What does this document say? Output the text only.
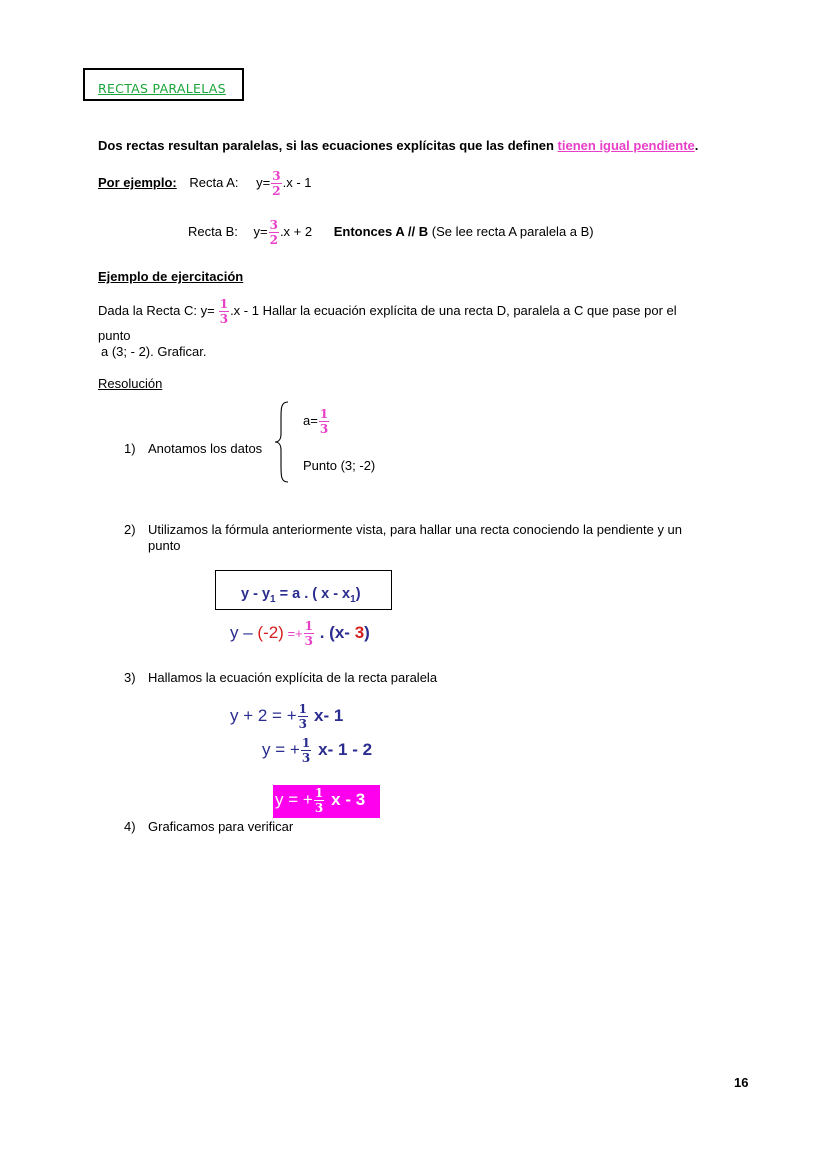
RECTAS PARALELAS
Dos rectas resultan paralelas, si las ecuaciones explícitas que las definen tienen igual pendiente.
Por ejemplo: Recta A: $y= \frac{3}{2} .x - 1$
Recta B: $y= \frac{3}{2} .x + 2$ Entonces A // B (Se lee recta A paralela a B)
Ejemplo de ejercitación
Dada la Recta C: $y= \frac{1}{3} .x - 1$ Hallar la ecuación explícita de una recta D, paralela a C que pase por el
punto
a (3; - 2). Graficar.
Resolución
1) Anotamos los datos
$a= \frac{1}{3}$
Punto (3; -2)
2) Utilizamos la fórmula anteriormente vista, para hallar una recta conociendo la pendiente y un
punto
$y - y_1 = a$ . ( x - $x_1$)
$y - (-2) =+ \frac{1}{3}$ . (x- 3)
3) Hallamos la ecuación explícita de la recta paralela
y + 2 = + $\frac{1}{3} x-$ 1
y = + $\frac{1}{3} x-$ 1 - 2
y = + $\frac{1}{3}$ x - 3
4) Graficamos para verificar
16
